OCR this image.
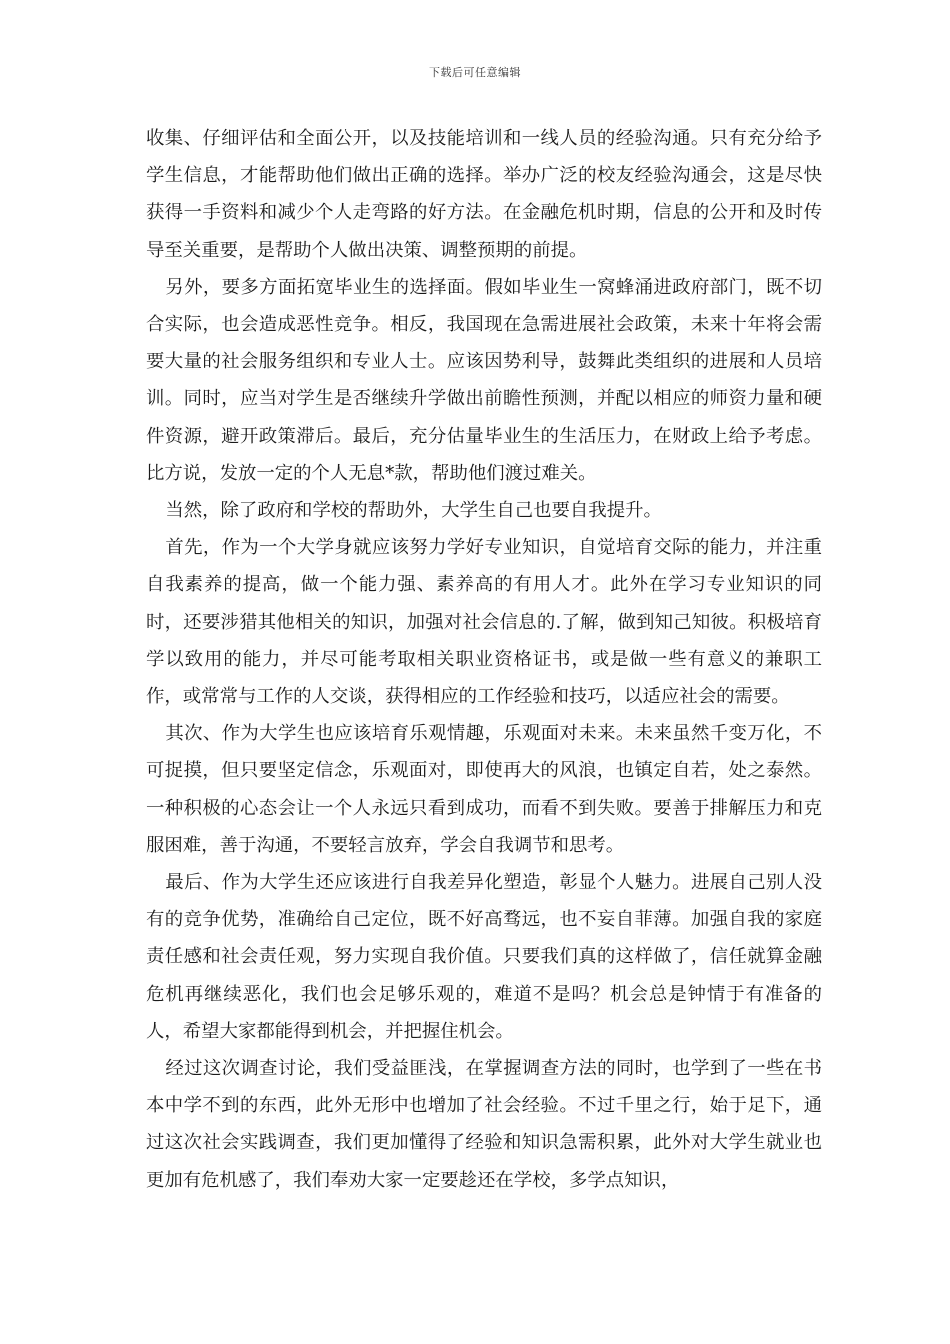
下载后可任意编辑

收集、仔细评估和全面公开，以及技能培训和一线人员的经验沟通。只有充分给予学生信息，才能帮助他们做出正确的选择。举办广泛的校友经验沟通会，这是尽快获得一手资料和减少个人走弯路的好方法。在金融危机时期，信息的公开和及时传导至关重要，是帮助个人做出决策、调整预期的前提。

另外，要多方面拓宽毕业生的选择面。假如毕业生一窝蜂涌进政府部门，既不切合实际，也会造成恶性竞争。相反，我国现在急需进展社会政策，未来十年将会需要大量的社会服务组织和专业人士。应该因势利导，鼓舞此类组织的进展和人员培训。同时，应当对学生是否继续升学做出前瞻性预测，并配以相应的师资力量和硬件资源，避开政策滞后。最后，充分估量毕业生的生活压力，在财政上给予考虑。比方说，发放一定的个人无息*款，帮助他们渡过难关。

当然，除了政府和学校的帮助外，大学生自己也要自我提升。

首先，作为一个大学身就应该努力学好专业知识，自觉培育交际的能力，并注重自我素养的提高，做一个能力强、素养高的有用人才。此外在学习专业知识的同时，还要涉猎其他相关的知识，加强对社会信息的.了解，做到知己知彼。积极培育学以致用的能力，并尽可能考取相关职业资格证书，或是做一些有意义的兼职工作，或常常与工作的人交谈，获得相应的工作经验和技巧，以适应社会的需要。

其次、作为大学生也应该培育乐观情趣，乐观面对未来。未来虽然千变万化，不可捉摸，但只要坚定信念，乐观面对，即使再大的风浪，也镇定自若，处之泰然。一种积极的心态会让一个人永远只看到成功，而看不到失败。要善于排解压力和克服困难，善于沟通，不要轻言放弃，学会自我调节和思考。

最后、作为大学生还应该进行自我差异化塑造，彰显个人魅力。进展自己别人没有的竞争优势，准确给自己定位，既不好高骛远，也不妄自菲薄。加强自我的家庭责任感和社会责任观，努力实现自我价值。只要我们真的这样做了，信任就算金融危机再继续恶化，我们也会足够乐观的，难道不是吗？机会总是钟情于有准备的人，希望大家都能得到机会，并把握住机会。

经过这次调查讨论，我们受益匪浅，在掌握调查方法的同时，也学到了一些在书本中学不到的东西，此外无形中也增加了社会经验。不过千里之行，始于足下，通过这次社会实践调查，我们更加懂得了经验和知识急需积累，此外对大学生就业也更加有危机感了，我们奉劝大家一定要趁还在学校，多学点知识，
